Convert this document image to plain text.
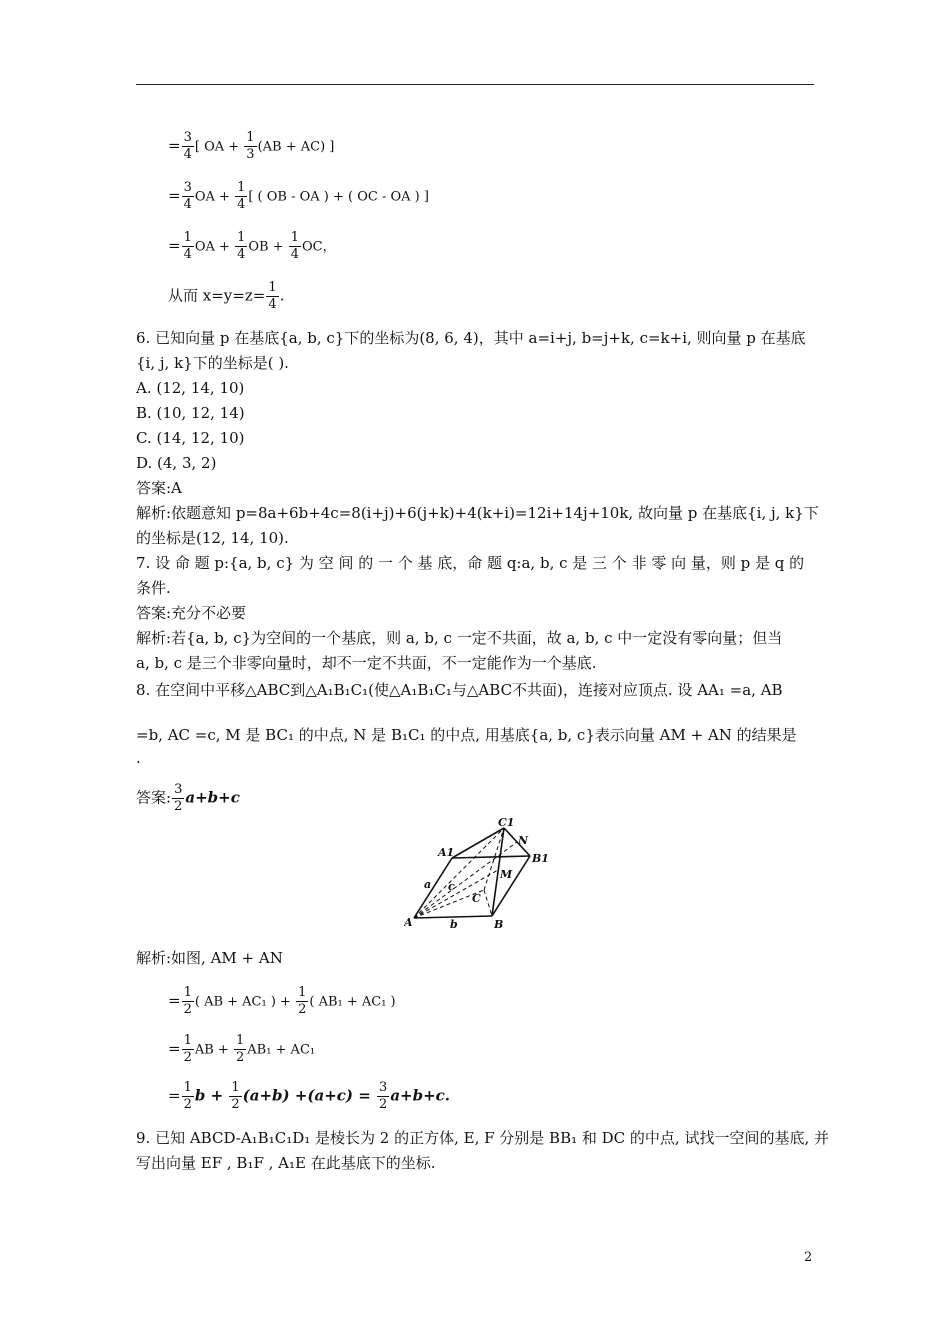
= $\frac{3}{4}$ [ OA + $\frac{1}{3} (AB + AC)$ ]
= $\frac{3}{4}$ OA + $\frac{1}{4}$ [ ( OB - OA ) + ( OC - OA ) ]
= $\frac{1}{4}$ OA + $\frac{1}{4}$ OB + $\frac{1}{4}$ OC，
从而 $x=y=z= \frac{1}{4}$ .
6. 已知向量 p 在基底{a, b, c}下的坐标为(8, 6, 4)，其中 a=i+j, b=j+k, c=k+i, 则向量 p 在基底
{i, j, k}下的坐标是( ).
A. (12, 14, 10)
B. (10, 12, 14)
C. (14, 12, 10)
D. (4, 3, 2)
答案:A
解析:依题意知 p=8a+6b+4c=8(i+j)+6(j+k)+4(k+i)=12i+14j+10k, 故向量 p 在基底{i, j, k}下
的坐标是(12, 14, 10).
7. 设 命 题 p:{a, b, c} 为 空 间 的 一 个 基 底，命 题 q:a, b, c 是 三 个 非 零 向 量，则 p 是 q 的
条件.
答案:充分不必要
解析:若{a, b, c}为空间的一个基底，则 a, b, c 一定不共面，故 a, b, c 中一定没有零向量；但当
a, b, c 是三个非零向量时，却不一定不共面，不一定能作为一个基底.
8. 在空间中平移△ABC到△A₁B₁C₁(使△A₁B₁C₁与△ABC不共面)，连接对应顶点. 设 AA₁ =a, AB
=b, AC =c, M 是 BC₁ 的中点, N 是 B₁C₁ 的中点, 用基底{a, b, c}表示向量 AM + AN 的结果是
.
答案: $\frac{3}{2} a+b+c$
A	B
C
A1	B1
C1
M
N
a
b
c
解析:如图, AM + AN
= $\frac{1}{2}$ ( AB + AC₁ ) + $\frac{1}{2}$ ( AB₁ + AC₁ )
= $\frac{1}{2}$ AB + $\frac{1}{2} AB_1 + AC_1$
= $\frac{1}{2}$ $b + \frac{1}{2} (a+b) +(a+c) = \frac{3}{2} a+b+c$.
9. 已知 ABCD-A₁B₁C₁D₁ 是棱长为 2 的正方体, E, F 分别是 BB₁ 和 DC 的中点, 试找一空间的基底, 并
写出向量 EF , B₁F , A₁E 在此基底下的坐标.
2
